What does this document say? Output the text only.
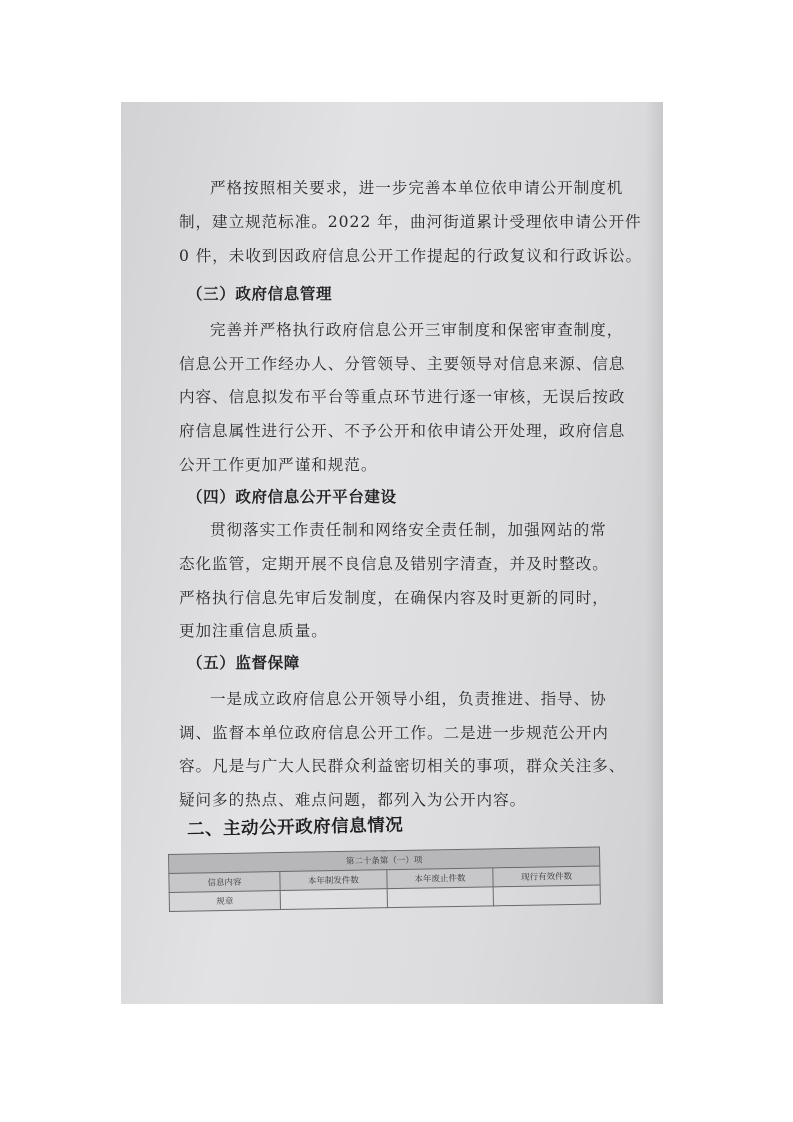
严格按照相关要求，进一步完善本单位依申请公开制度机
制，建立规范标准。2022 年，曲河街道累计受理依申请公开件
0 件，未收到因政府信息公开工作提起的行政复议和行政诉讼。
（三）政府信息管理
完善并严格执行政府信息公开三审制度和保密审查制度，
信息公开工作经办人、分管领导、主要领导对信息来源、信息
内容、信息拟发布平台等重点环节进行逐一审核，无误后按政
府信息属性进行公开、不予公开和依申请公开处理，政府信息
公开工作更加严谨和规范。
（四）政府信息公开平台建设
贯彻落实工作责任制和网络安全责任制，加强网站的常
态化监管，定期开展不良信息及错别字清查，并及时整改。
严格执行信息先审后发制度，在确保内容及时更新的同时，
更加注重信息质量。
（五）监督保障
一是成立政府信息公开领导小组，负责推进、指导、协
调、监督本单位政府信息公开工作。二是进一步规范公开内
容。凡是与广大人民群众利益密切相关的事项，群众关注多、
疑问多的热点、难点问题，都列入为公开内容。
二、主动公开政府信息情况
第二十条第（一）项			
信息内容	本年制发件数	本年废止件数	现行有效件数
规章			
